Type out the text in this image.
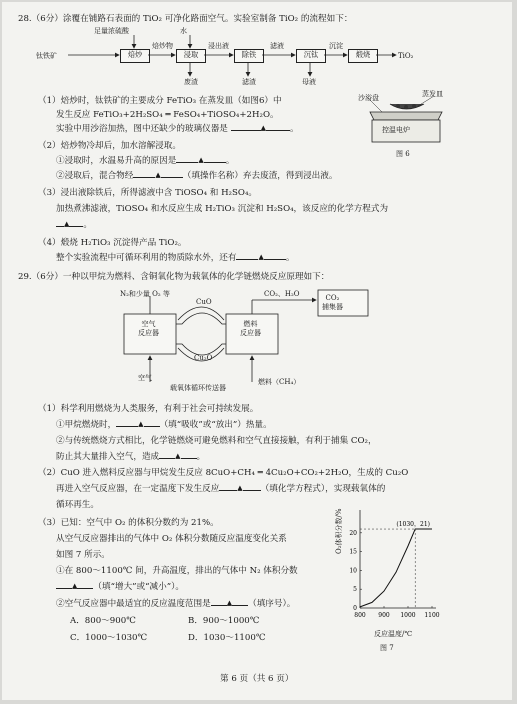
28.（6分）涂覆在铺路石表面的 TiO₂ 可净化路面空气。实验室制备 TiO₂ 的流程如下：
足量浓硫酸	水
钛铁矿	焙炒
焙炒物
浸取
浸出液
除铁
滤液
沉钛
沉淀
煅烧	TiO₂
废渣	滤渣	母液
沙浴盘	蒸发皿
控温电炉
图 6
（1）焙炒时，钛铁矿的主要成分 FeTiO₃ 在蒸发皿（如图6）中
发生反应 FeTiO₃+2H₂SO₄ ═ FeSO₄+TiOSO₄+2H₂O。
实验中用沙浴加热，图中还缺少的玻璃仪器是	▲	。
（2）焙炒物冷却后，加水溶解浸取。
①浸取时，水温易升高的原因是	▲	。
②浸取后，混合物经	▲	（填操作名称）弃去废渣，得到浸出液。
（3）浸出液除铁后，所得滤液中含 TiOSO₄ 和 H₂SO₄。
加热煮沸滤液，TiOSO₄ 和水反应生成 H₂TiO₃ 沉淀和 H₂SO₄，该反应的化学方程式为
▲ 。
（4）煅烧 H₂TiO₃ 沉淀得产品 TiO₂。
整个实验流程中可循环利用的物质除水外，还有	▲	。
29.（6分）一种以甲烷为燃料、含铜氧化物为载氧体的化学链燃烧反应原理如下：
N₂和少量 O₂ 等
CuO
CO₂、H₂O	CO₂
捕集器
空气
反应器
燃料
反应器
Cu₂O
空气	燃料（CH₄）
载氧体循环传送器
（1）科学利用燃烧为人类服务，有利于社会可持续发展。
①甲烷燃烧时，	▲ （填“吸收”或“放出”）热量。
②与传统燃烧方式相比，化学链燃烧可避免燃料和空气直接接触，有利于捕集 CO₂，
防止其大量排入空气，造成 ▲ 。
（2）CuO 进入燃料反应器与甲烷发生反应 8CuO+CH₄ ═ 4Cu₂O+CO₂+2H₂O，生成的 Cu₂O
再进入空气反应器，在一定温度下发生反应	▲ （填化学方程式），实现载氧体的
循环再生。
（3）已知：空气中 O₂ 的体积分数约为 21%。
从空气反应器排出的气体中 O₂ 体积分数随反应温度变化关系
如图 7 所示。
①在 800～1100℃ 间，升高温度，排出的气体中 N₂ 体积分数
▲ （填“增大”或“减小”）。
②空气反应器中最适宜的反应温度范围是 ▲ （填序号）。
A．800～900℃	B．900～1000℃
C．1000～1030℃	D．1030～1100℃
800 900 1000 1100
0
5
10
15
20
(1030，21)
O₂体积分数/%
反应温度/℃
图 7
第 6 页（共 6 页）
